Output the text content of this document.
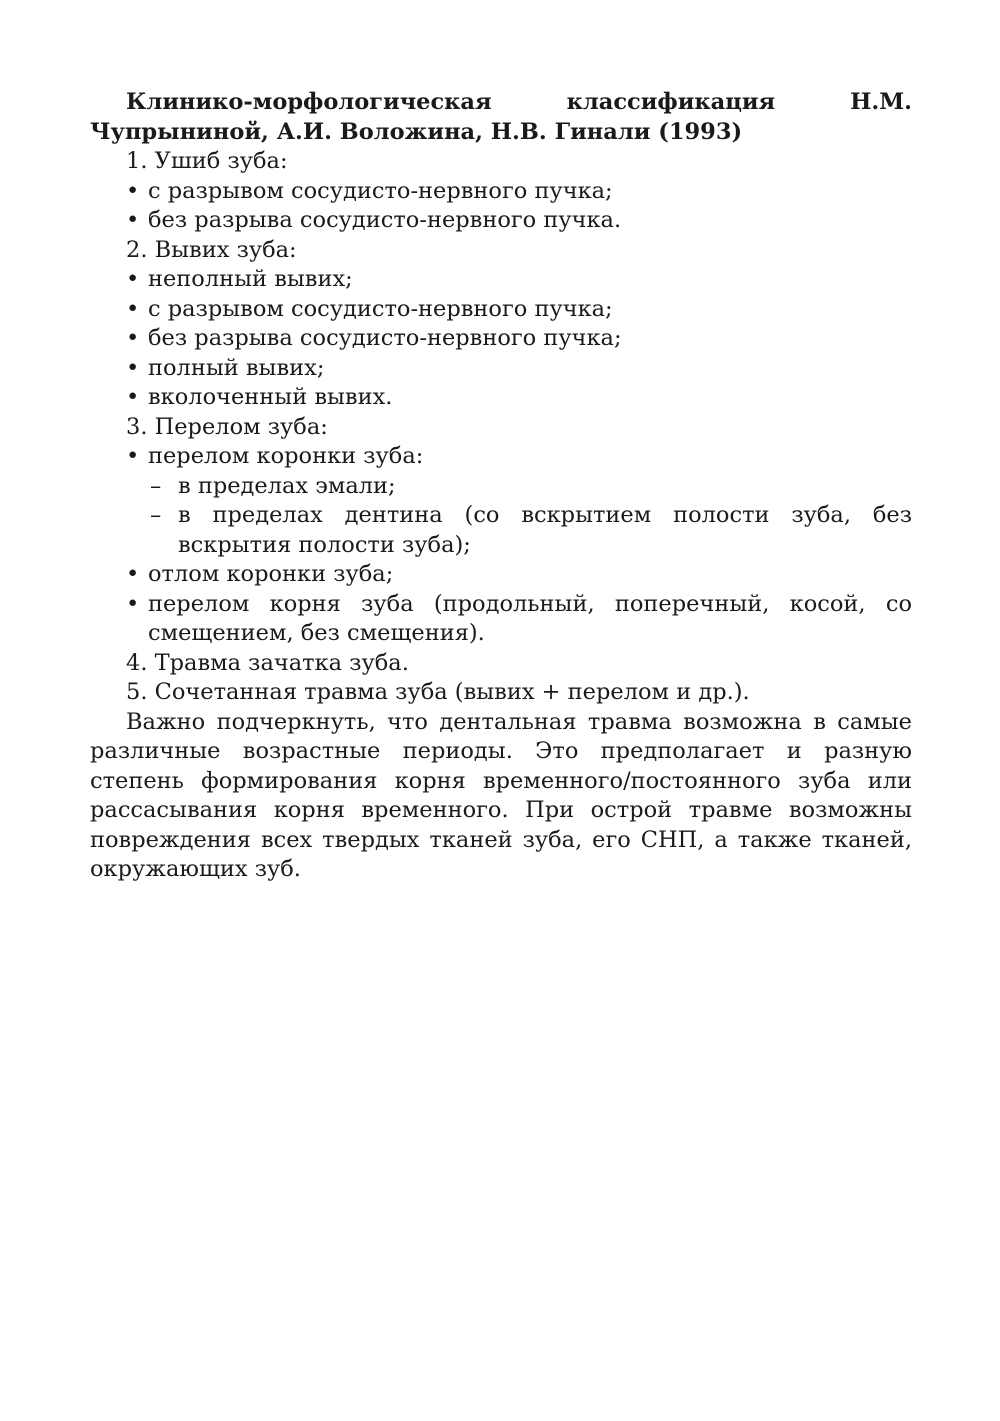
Клинико-морфологическая классификация Н.М. Чупрыниной, А.И. Воложина, Н.В. Гинали (1993)

1. Ушиб зуба:

• с разрывом сосудисто-нервного пучка;
• без разрыва сосудисто-нервного пучка.

2. Вывих зуба:

• неполный вывих;
• с разрывом сосудисто-нервного пучка;
• без разрыва сосудисто-нервного пучка;
• полный вывих;
• вколоченный вывих.

3. Перелом зуба:

• перелом коронки зуба:
– в пределах эмали;
– в пределах дентина (со вскрытием полости зуба, без вскрытия полости зуба);
• отлом коронки зуба;
• перелом корня зуба (продольный, поперечный, косой, со смещением, без смещения).

4. Травма зачатка зуба.

5. Сочетанная травма зуба (вывих + перелом и др.).

Важно подчеркнуть, что дентальная травма возможна в самые различные возрастные периоды. Это предполагает и разную степень формирования корня временного/постоянного зуба или рассасывания корня временного. При острой травме возможны повреждения всех твердых тканей зуба, его СНП, а также тканей, окружающих зуб.
